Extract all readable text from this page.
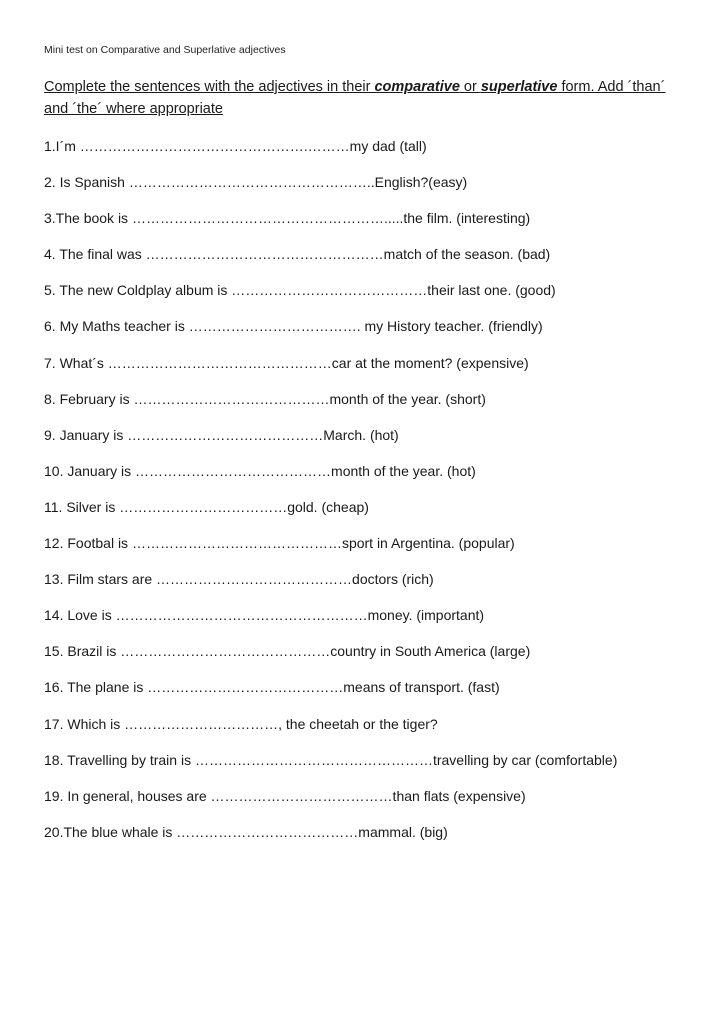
Mini test on Comparative and Superlative adjectives
Complete the sentences with the adjectives in their comparative or superlative form. Add ´than´ and ´the´ where appropriate
1.I´m ………………………………………….………my dad (tall)
2. Is Spanish ……………………………………………..English?(easy)
3.The book is ……………………………………………….....the film. (interesting)
4. The final was ……………………………………………match of the season. (bad)
5. The new Coldplay album is ……………………………………their last one. (good)
6. My Maths teacher is ………………………………. my History teacher. (friendly)
7. What´s …………………………………………car at the moment? (expensive)
8. February is ……………………………………month of the year. (short)
9. January is ……………………………………March. (hot)
10. January is ……………………………………month of the year. (hot)
11. Silver is ………………………………gold. (cheap)
12. Footbal is ………………………………………sport in Argentina. (popular)
13. Film stars are ……………………………………doctors (rich)
14. Love is ………………………………………………money. (important)
15. Brazil is ………………………………………country in South America (large)
16. The plane is ……………………………………means of transport. (fast)
17. Which is ……………………………, the cheetah or the tiger?
18. Travelling by train is ……………………………………………travelling by car (comfortable)
19. In general, houses are …………………………………than flats (expensive)
20.The blue whale is …………………………………mammal. (big)
